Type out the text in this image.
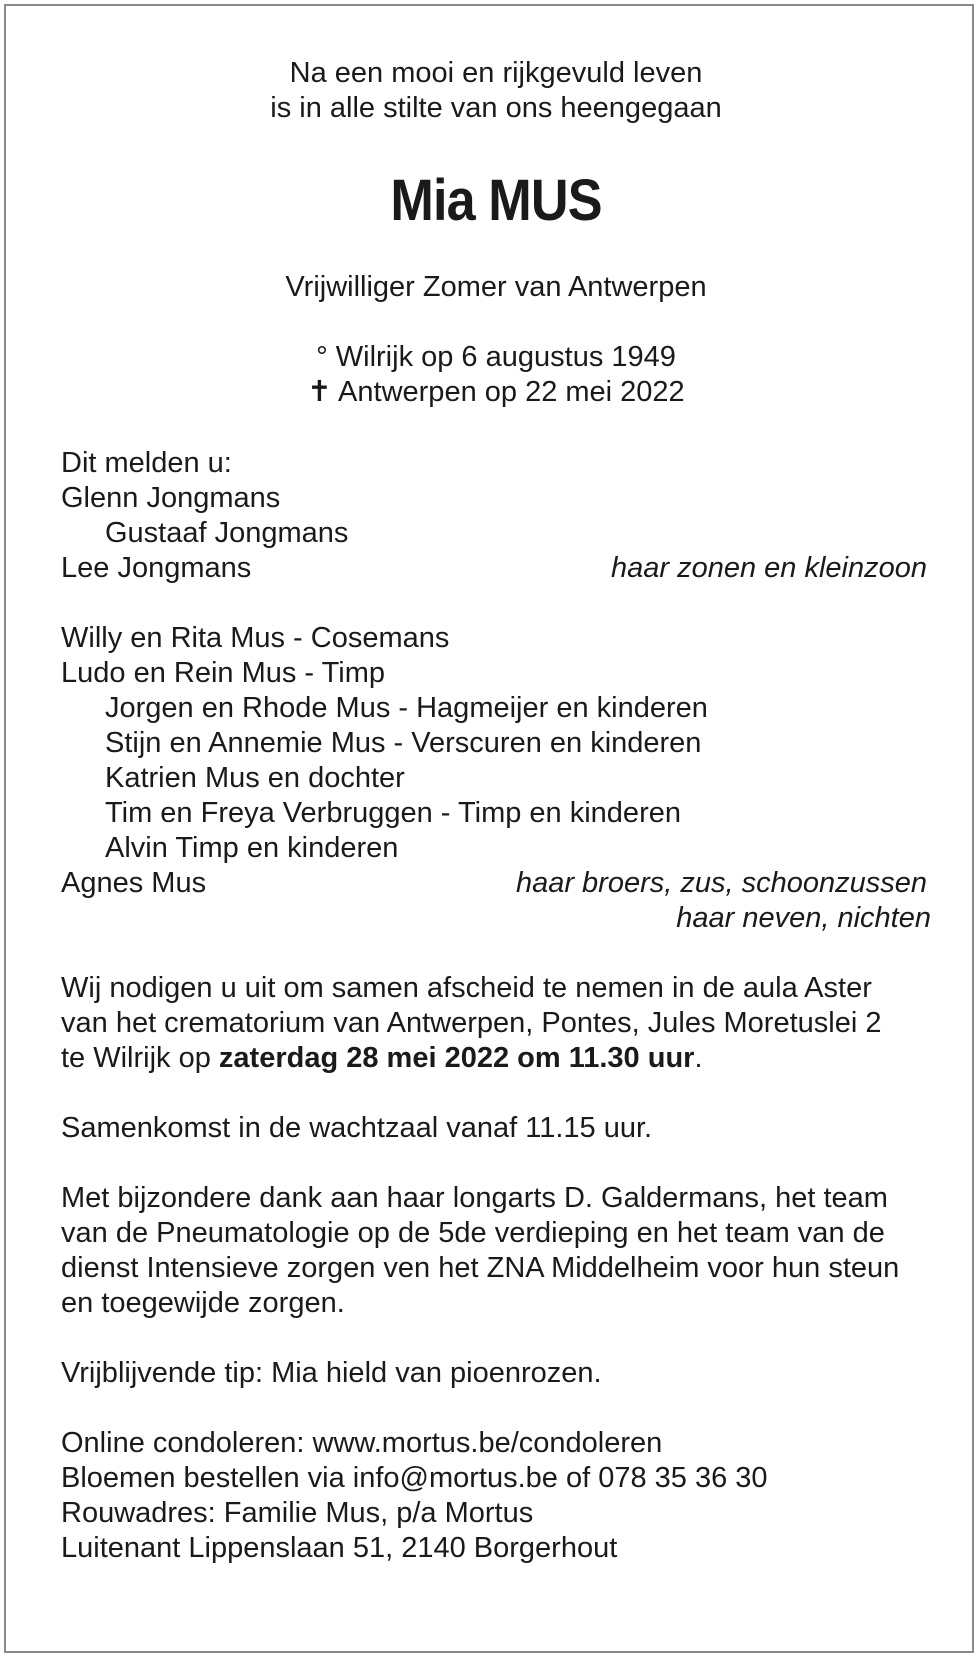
Na een mooi en rijkgevuld leven
is in alle stilte van ons heengegaan
Mia MUS
Vrijwilliger Zomer van Antwerpen
° Wilrijk op 6 augustus 1949
✝ Antwerpen op 22 mei 2022
Dit melden u:
Glenn Jongmans
Gustaaf Jongmans
Lee Jongmans	haar zonen en kleinzoon
Willy en Rita Mus - Cosemans
Ludo en Rein Mus - Timp
Jorgen en Rhode Mus - Hagmeijer en kinderen
Stijn en Annemie Mus - Verscuren en kinderen
Katrien Mus en dochter
Tim en Freya Verbruggen - Timp en kinderen
Alvin Timp en kinderen
Agnes Mus	haar broers, zus, schoonzussen
haar neven, nichten

Wij nodigen u uit om samen afscheid te nemen in de aula Aster van het crematorium van Antwerpen, Pontes, Jules Moretuslei 2 te Wilrijk op zaterdag 28 mei 2022 om 11.30 uur.

Samenkomst in de wachtzaal vanaf 11.15 uur.

Met bijzondere dank aan haar longarts D. Galdermans, het team van de Pneumatologie op de 5de verdieping en het team van de dienst Intensieve zorgen ven het ZNA Middelheim voor hun steun en toegewijde zorgen.

Vrijblijvende tip: Mia hield van pioenrozen.

Online condoleren: www.mortus.be/condoleren
Bloemen bestellen via info@mortus.be of 078 35 36 30
Rouwadres: Familie Mus, p/a Mortus
Luitenant Lippenslaan 51, 2140 Borgerhout
